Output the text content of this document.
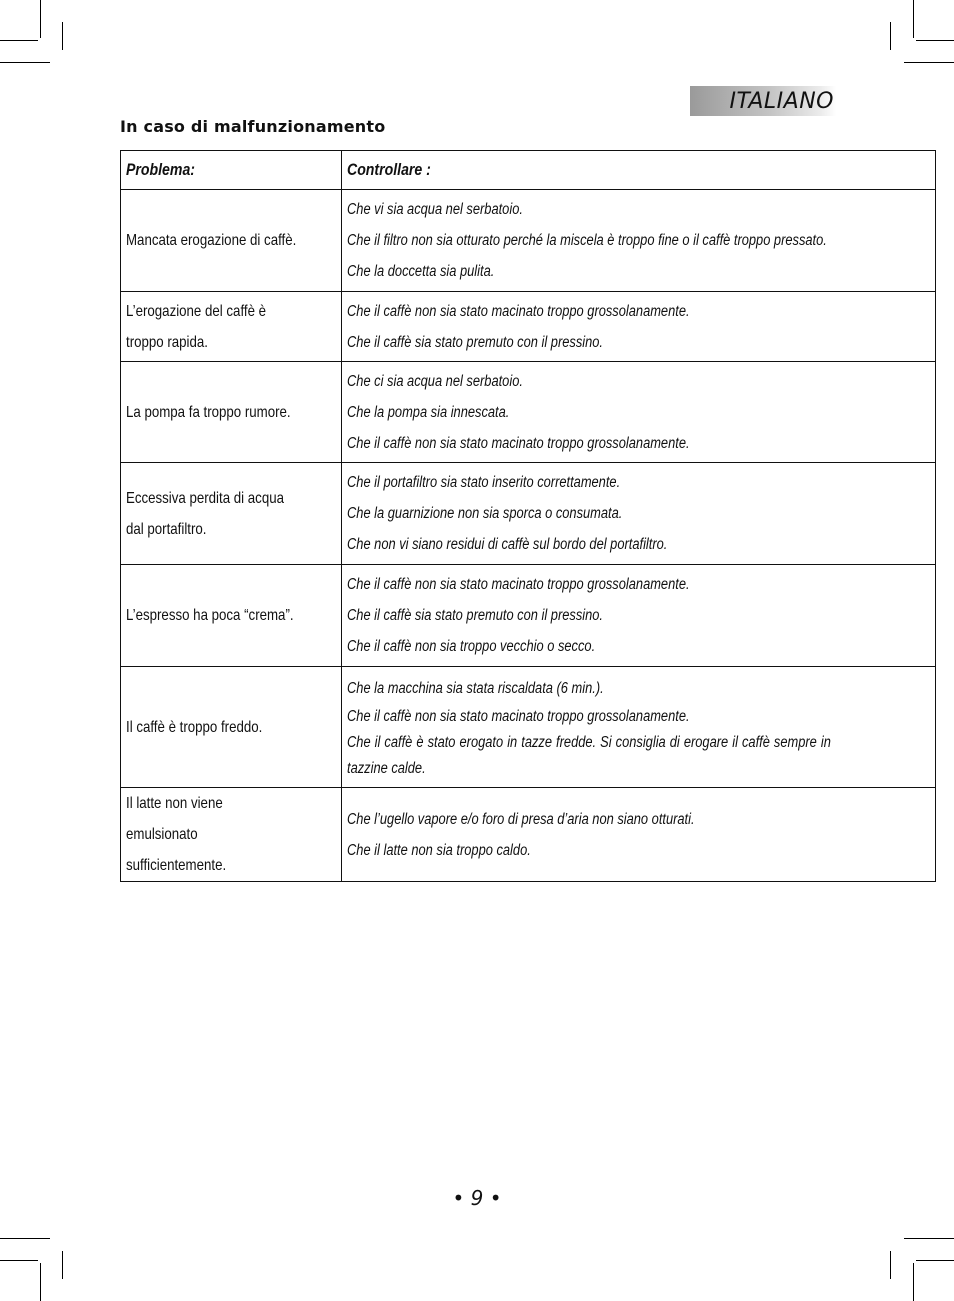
ITALIANO
In caso di malfunzionamento
Problema:	Controllare :
Mancata erogazione di caffè.	Che vi sia acqua nel serbatoio.
Che il filtro non sia otturato perché la miscela è troppo fine o il caffè troppo pressato.
Che la doccetta sia pulita.

L’erogazione del caffè è troppo rapida.	Che il caffè non sia stato macinato troppo grossolanamente.
Che il caffè sia stato premuto con il pressino.

La pompa fa troppo rumore.	Che ci sia acqua nel serbatoio.
Che la pompa sia innescata.
Che il caffè non sia stato macinato troppo grossolanamente.

Eccessiva perdita di acqua dal portafiltro.	Che il portafiltro sia stato inserito correttamente.
Che la guarnizione non sia sporca o consumata.
Che non vi siano residui di caffè sul bordo del portafiltro.

L’espresso ha poca “crema”.	Che il caffè non sia stato macinato troppo grossolanamente.
Che il caffè sia stato premuto con il pressino.
Che il caffè non sia troppo vecchio o secco.

Il caffè è troppo freddo.	Che la macchina sia stata riscaldata (6 min.).
Che il caffè non sia stato macinato troppo grossolanamente.
Che il caffè è stato erogato in tazze fredde. Si consiglia di erogare il caffè sempre in tazzine calde.

Il latte non viene emulsionato sufficientemente.	Che l’ugello vapore e/o foro di presa d’aria non siano otturati.
Che il latte non sia troppo caldo.
• 9 •
